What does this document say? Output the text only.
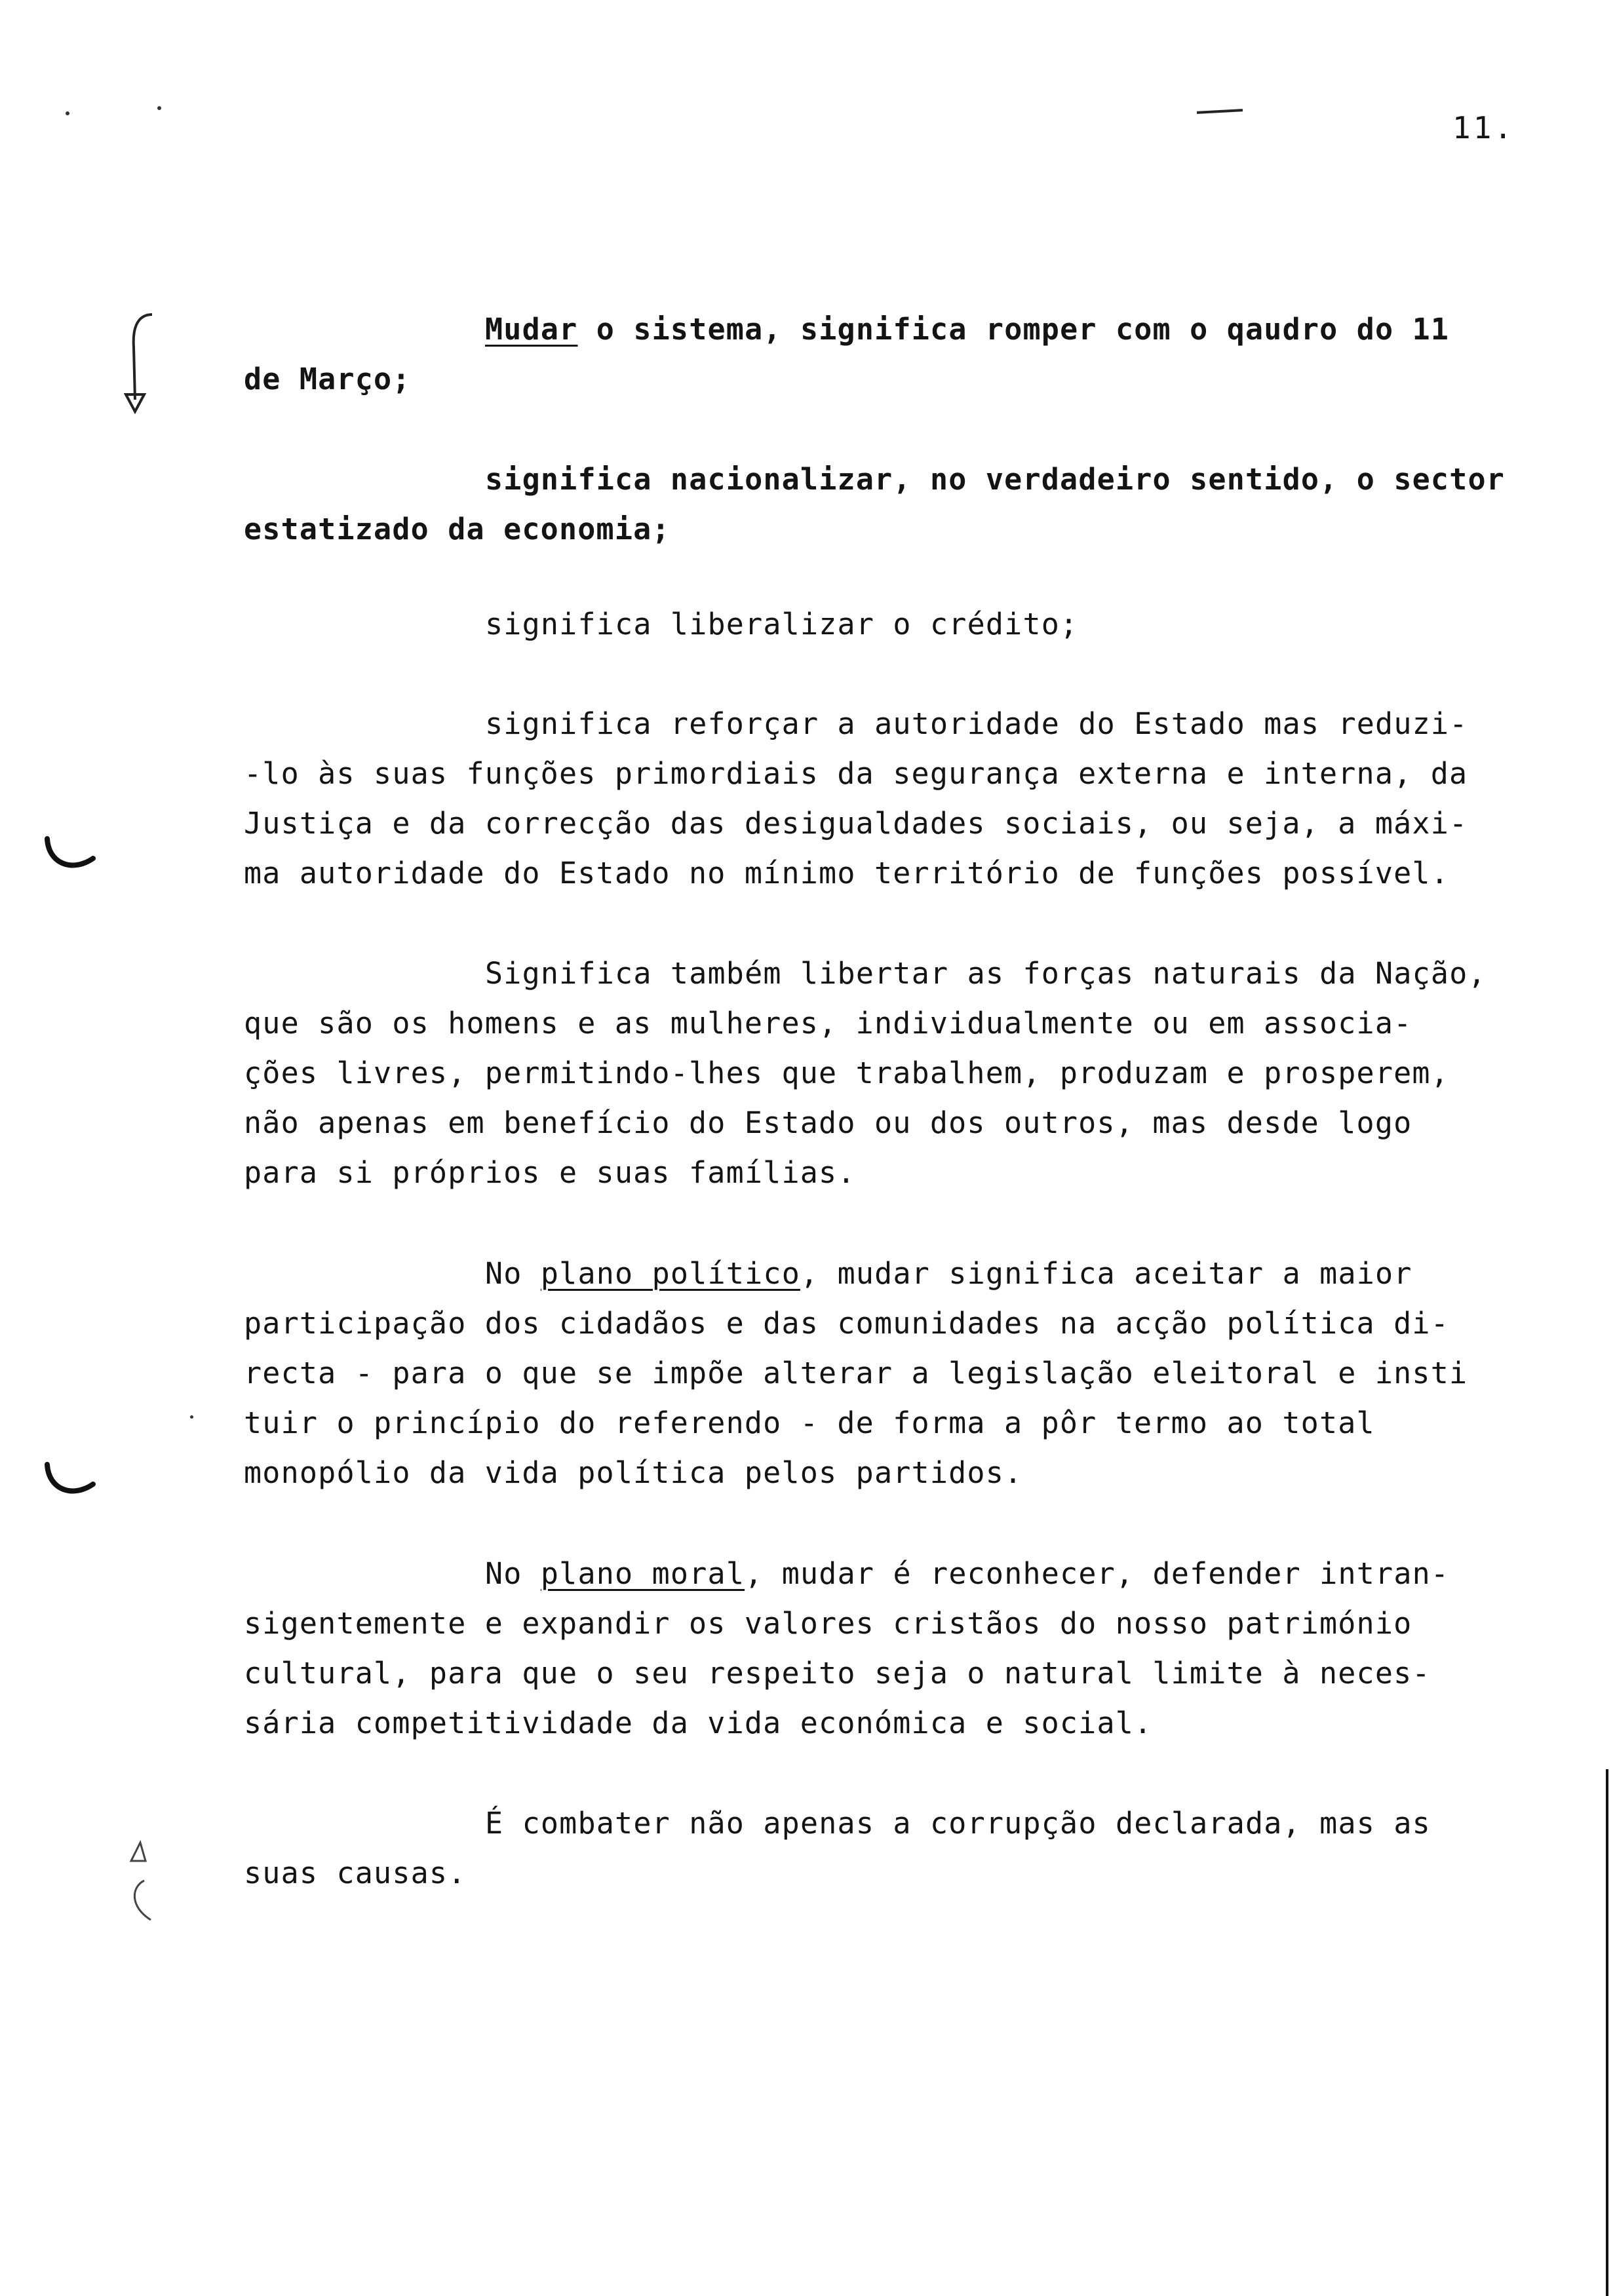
11.
Mudar o sistema, significa romper com o qaudro do 11
de Março;
significa nacionalizar, no verdadeiro sentido, o sector
estatizado da economia;
significa liberalizar o crédito;
significa reforçar a autoridade do Estado mas reduzi-
-lo às suas funções primordiais da segurança externa e interna, da
Justiça e da correcção das desigualdades sociais, ou seja, a máxi-
ma autoridade do Estado no mínimo território de funções possível.
Significa também libertar as forças naturais da Nação,
que são os homens e as mulheres, individualmente ou em associa-
ções livres, permitindo-lhes que trabalhem, produzam e prosperem,
não apenas em benefício do Estado ou dos outros, mas desde logo
para si próprios e suas famílias.
No plano político, mudar significa aceitar a maior
participação dos cidadãos e das comunidades na acção política di-
recta - para o que se impõe alterar a legislação eleitoral e insti
tuir o princípio do referendo - de forma a pôr termo ao total
monopólio da vida política pelos partidos.
No plano moral, mudar é reconhecer, defender intran-
sigentemente e expandir os valores cristãos do nosso património
cultural, para que o seu respeito seja o natural limite à neces-
sária competitividade da vida económica e social.
É combater não apenas a corrupção declarada, mas as
suas causas.
